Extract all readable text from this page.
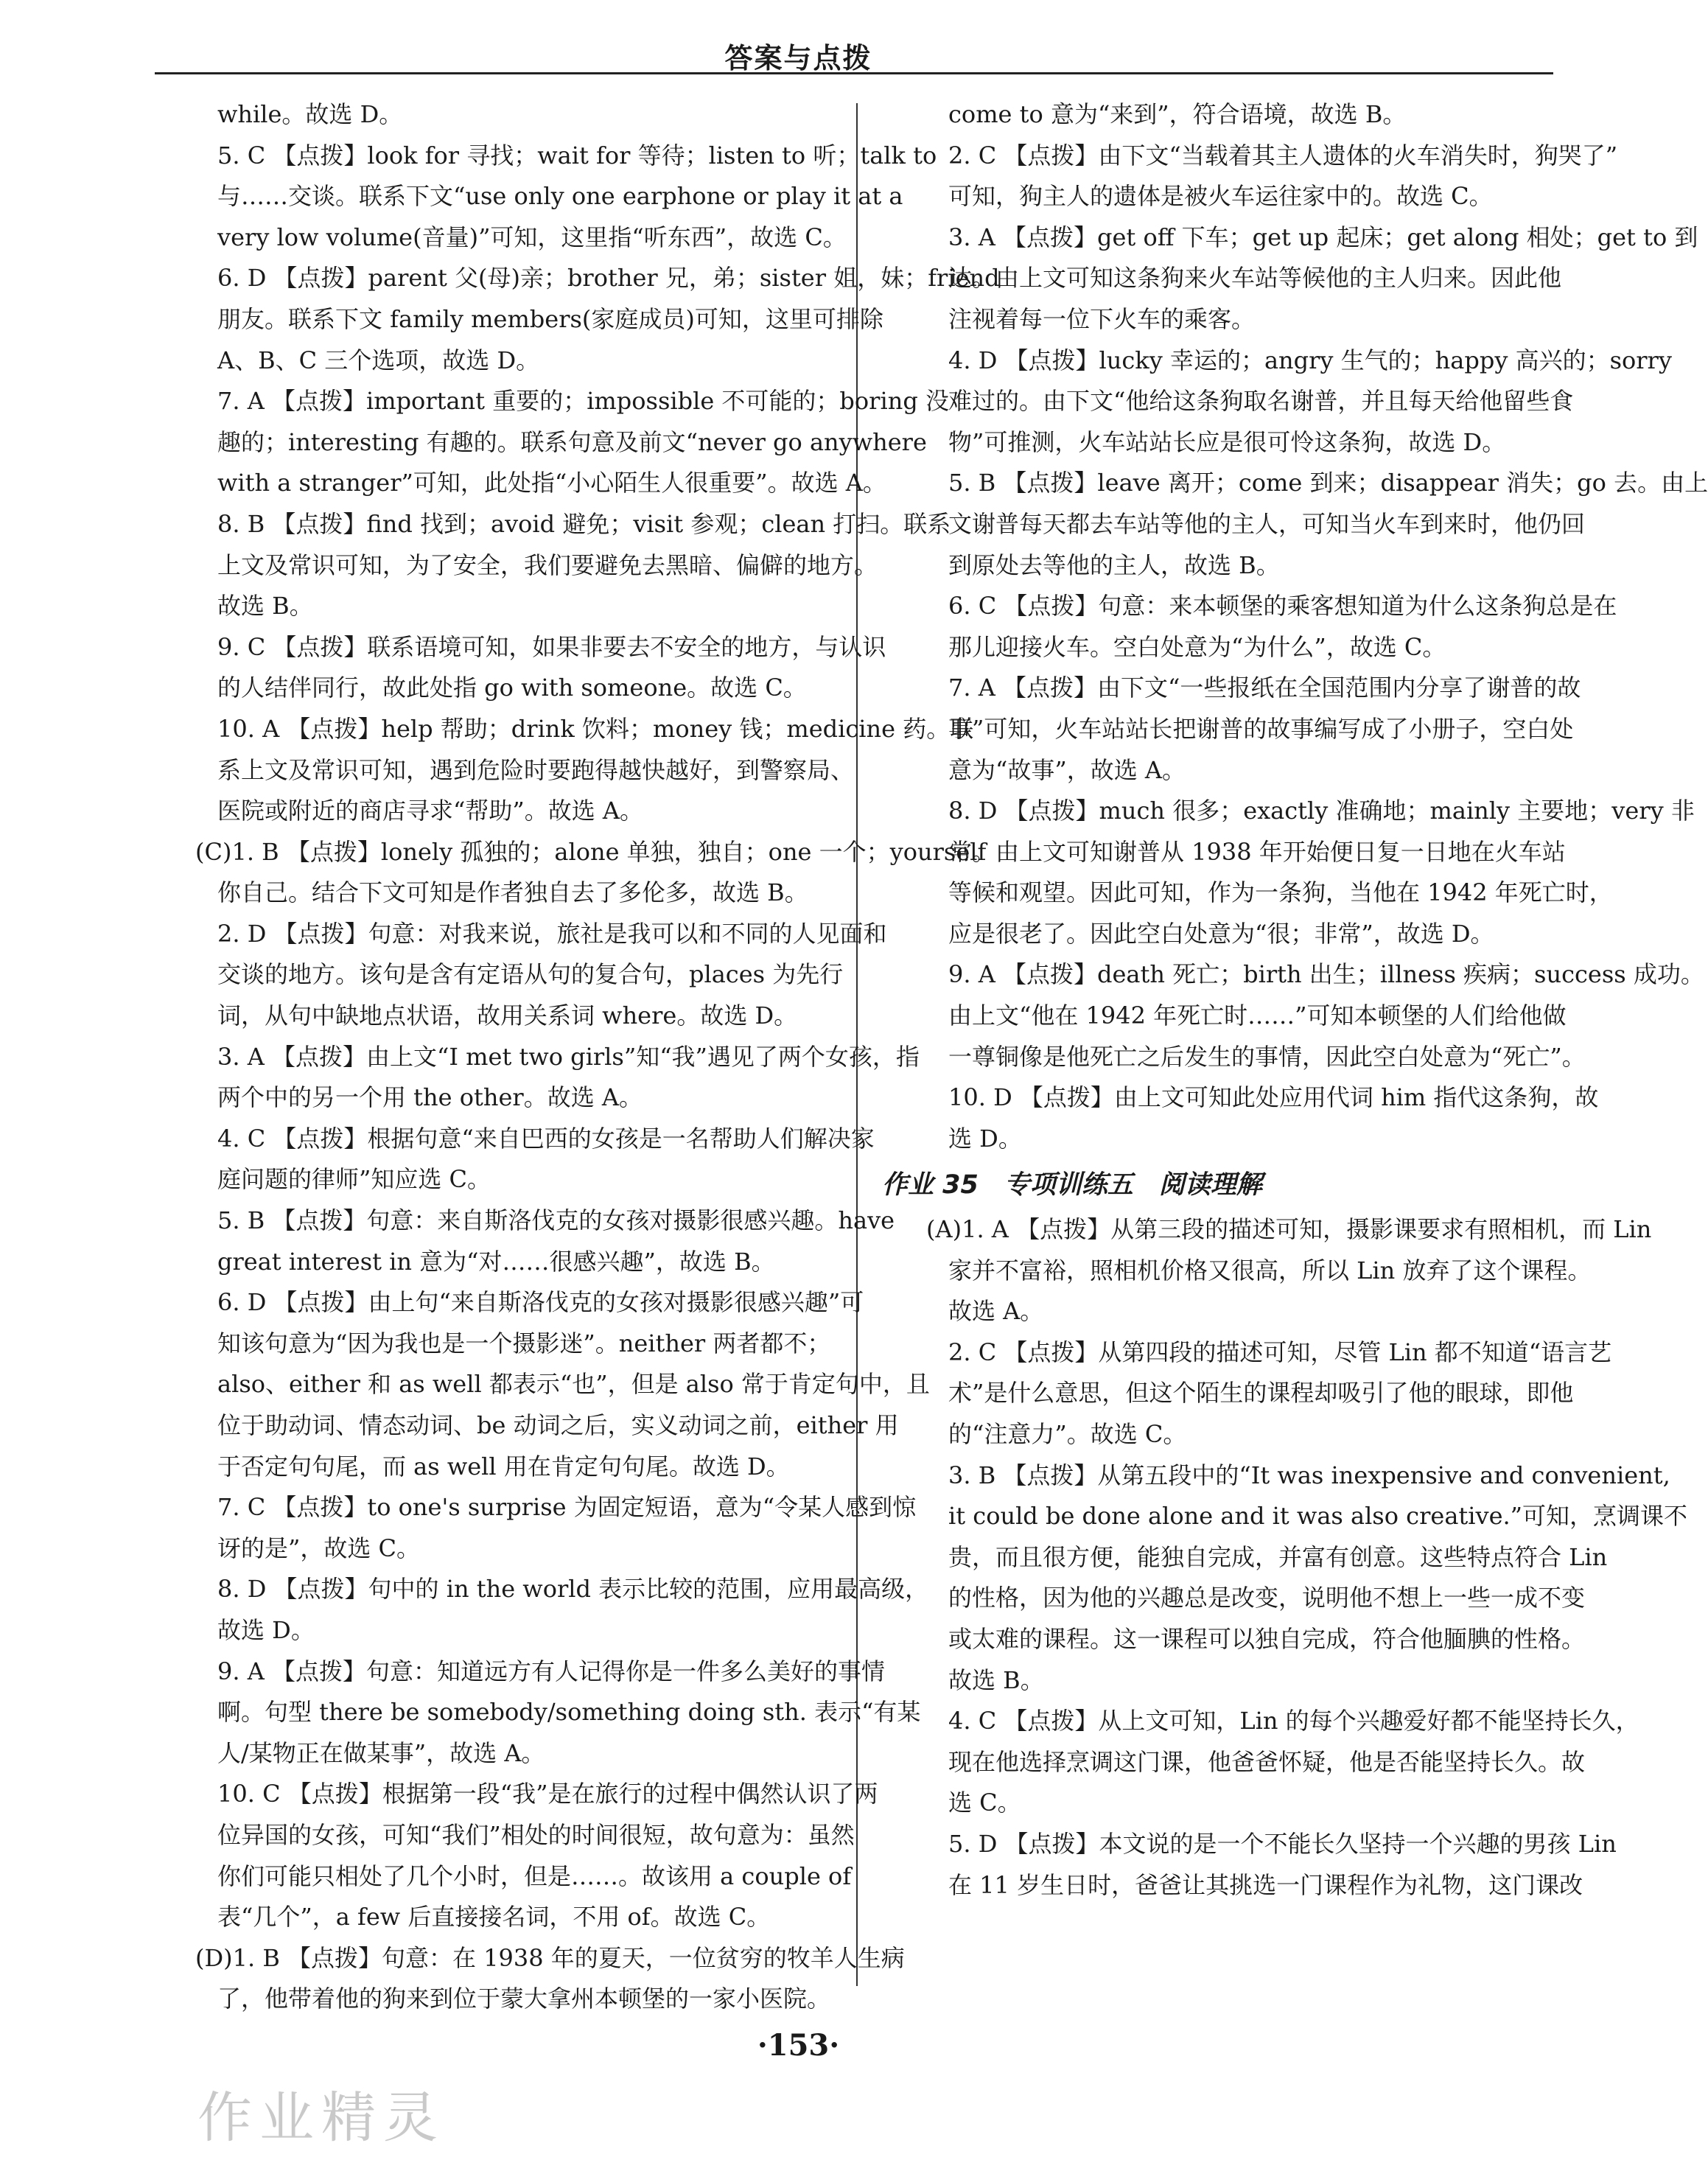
答案与点拨
while。故选 D。
5. C 【点拨】look for 寻找；wait for 等待；listen to 听；talk to
与……交谈。联系下文“use only one earphone or play it at a
very low volume(音量)”可知，这里指“听东西”，故选 C。
6. D 【点拨】parent 父(母)亲；brother 兄，弟；sister 姐，妹；friend
朋友。联系下文 family members(家庭成员)可知，这里可排除
A、B、C 三个选项，故选 D。
7. A 【点拨】important 重要的；impossible 不可能的；boring 没
趣的；interesting 有趣的。联系句意及前文“never go anywhere
with a stranger”可知，此处指“小心陌生人很重要”。故选 A。
8. B 【点拨】find 找到；avoid 避免；visit 参观；clean 打扫。联系
上文及常识可知，为了安全，我们要避免去黑暗、偏僻的地方。
故选 B。
9. C 【点拨】联系语境可知，如果非要去不安全的地方，与认识
的人结伴同行，故此处指 go with someone。故选 C。
10. A 【点拨】help 帮助；drink 饮料；money 钱；medicine 药。联
系上文及常识可知，遇到危险时要跑得越快越好，到警察局、
医院或附近的商店寻求“帮助”。故选 A。
(C)1. B 【点拨】lonely 孤独的；alone 单独，独自；one 一个；yourself
你自己。结合下文可知是作者独自去了多伦多，故选 B。
2. D 【点拨】句意：对我来说，旅社是我可以和不同的人见面和
交谈的地方。该句是含有定语从句的复合句，places 为先行
词，从句中缺地点状语，故用关系词 where。故选 D。
3. A 【点拨】由上文“I met two girls”知“我”遇见了两个女孩，指
两个中的另一个用 the other。故选 A。
4. C 【点拨】根据句意“来自巴西的女孩是一名帮助人们解决家
庭问题的律师”知应选 C。
5. B 【点拨】句意：来自斯洛伐克的女孩对摄影很感兴趣。have
great interest in 意为“对……很感兴趣”，故选 B。
6. D 【点拨】由上句“来自斯洛伐克的女孩对摄影很感兴趣”可
知该句意为“因为我也是一个摄影迷”。neither 两者都不；
also、either 和 as well 都表示“也”，但是 also 常于肯定句中，且
位于助动词、情态动词、be 动词之后，实义动词之前，either 用
于否定句句尾，而 as well 用在肯定句句尾。故选 D。
7. C 【点拨】to one's surprise 为固定短语，意为“令某人感到惊
讶的是”，故选 C。
8. D 【点拨】句中的 in the world 表示比较的范围，应用最高级，
故选 D。
9. A 【点拨】句意：知道远方有人记得你是一件多么美好的事情
啊。句型 there be somebody/something doing sth. 表示“有某
人/某物正在做某事”，故选 A。
10. C 【点拨】根据第一段“我”是在旅行的过程中偶然认识了两
位异国的女孩，可知“我们”相处的时间很短，故句意为：虽然
你们可能只相处了几个小时，但是……。故该用 a couple of
表“几个”，a few 后直接接名词，不用 of。故选 C。
(D)1. B 【点拨】句意：在 1938 年的夏天，一位贫穷的牧羊人生病
了，他带着他的狗来到位于蒙大拿州本顿堡的一家小医院。
come to 意为“来到”，符合语境，故选 B。
2. C 【点拨】由下文“当载着其主人遗体的火车消失时，狗哭了”
可知，狗主人的遗体是被火车运往家中的。故选 C。
3. A 【点拨】get off 下车；get up 起床；get along 相处；get to 到
达。由上文可知这条狗来火车站等候他的主人归来。因此他
注视着每一位下火车的乘客。
4. D 【点拨】lucky 幸运的；angry 生气的；happy 高兴的；sorry
难过的。由下文“他给这条狗取名谢普，并且每天给他留些食
物”可推测，火车站站长应是很可怜这条狗，故选 D。
5. B 【点拨】leave 离开；come 到来；disappear 消失；go 去。由上
文谢普每天都去车站等他的主人，可知当火车到来时，他仍回
到原处去等他的主人，故选 B。
6. C 【点拨】句意：来本顿堡的乘客想知道为什么这条狗总是在
那儿迎接火车。空白处意为“为什么”，故选 C。
7. A 【点拨】由下文“一些报纸在全国范围内分享了谢普的故
事”可知，火车站站长把谢普的故事编写成了小册子，空白处
意为“故事”，故选 A。
8. D 【点拨】much 很多；exactly 准确地；mainly 主要地；very 非
常。由上文可知谢普从 1938 年开始便日复一日地在火车站
等候和观望。因此可知，作为一条狗，当他在 1942 年死亡时，
应是很老了。因此空白处意为“很；非常”，故选 D。
9. A 【点拨】death 死亡；birth 出生；illness 疾病；success 成功。
由上文“他在 1942 年死亡时……”可知本顿堡的人们给他做
一尊铜像是他死亡之后发生的事情，因此空白处意为“死亡”。
10. D 【点拨】由上文可知此处应用代词 him 指代这条狗，故
选 D。
作业 35　专项训练五　阅读理解
(A)1. A 【点拨】从第三段的描述可知，摄影课要求有照相机，而 Lin
家并不富裕，照相机价格又很高，所以 Lin 放弃了这个课程。
故选 A。
2. C 【点拨】从第四段的描述可知，尽管 Lin 都不知道“语言艺
术”是什么意思，但这个陌生的课程却吸引了他的眼球，即他
的“注意力”。故选 C。
3. B 【点拨】从第五段中的“It was inexpensive and convenient,
it could be done alone and it was also creative.”可知，烹调课不
贵，而且很方便，能独自完成，并富有创意。这些特点符合 Lin
的性格，因为他的兴趣总是改变，说明他不想上一些一成不变
或太难的课程。这一课程可以独自完成，符合他腼腆的性格。
故选 B。
4. C 【点拨】从上文可知，Lin 的每个兴趣爱好都不能坚持长久，
现在他选择烹调这门课，他爸爸怀疑，他是否能坚持长久。故
选 C。
5. D 【点拨】本文说的是一个不能长久坚持一个兴趣的男孩 Lin
在 11 岁生日时，爸爸让其挑选一门课程作为礼物，这门课改
·153·
作业精灵
